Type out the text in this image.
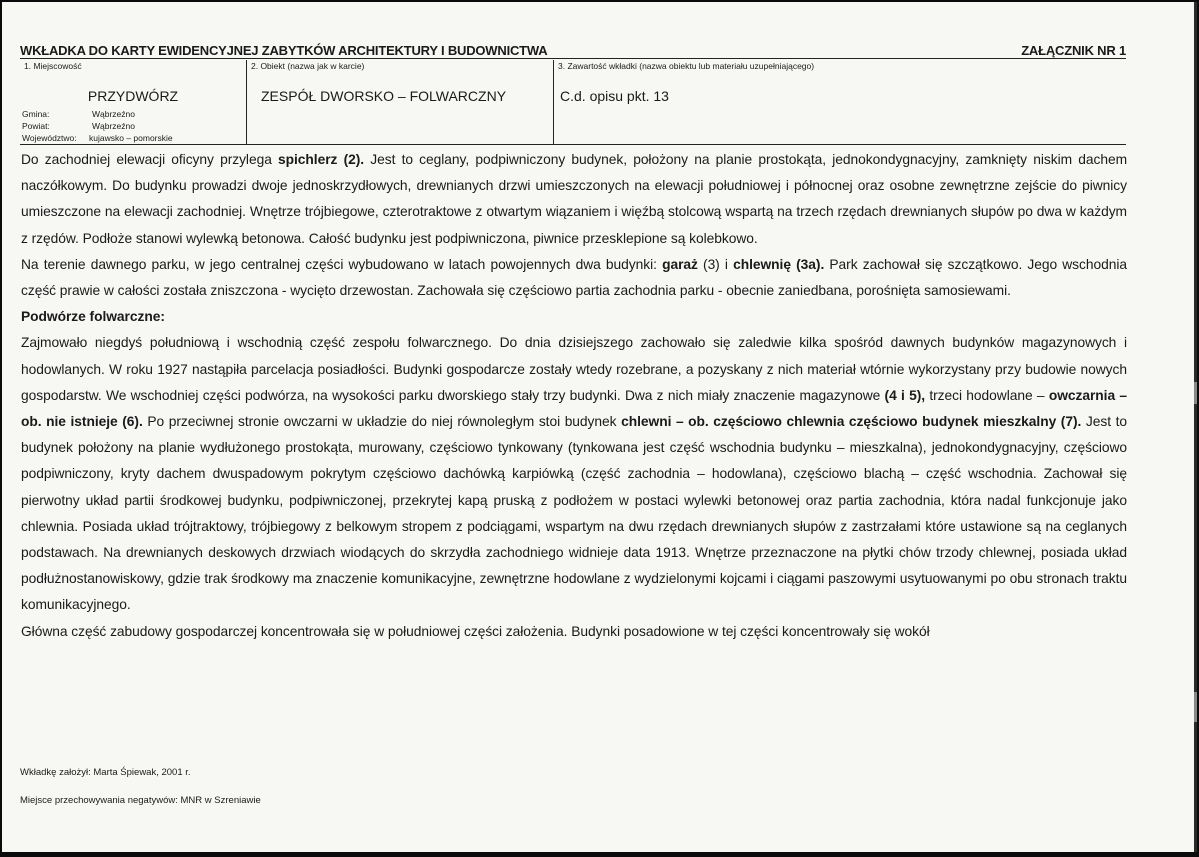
WKŁADKA DO KARTY EWIDENCYJNEJ ZABYTKÓW ARCHITEKTURY I BUDOWNICTWA	ZAŁĄCZNIK NR 1
1. Miejscowość
PRZYDWÓRZ
Gmina:	Wąbrzeźno
Powiat:	Wąbrzeźno
Województwo: kujawsko – pomorskie
2. Obiekt (nazwa jak w karcie)
ZESPÓŁ DWORSKO – FOLWARCZNY
3. Zawartość wkładki (nazwa obiektu lub materiału uzupełniającego)
C.d. opisu pkt. 13

Do zachodniej elewacji oficyny przylega spichlerz (2). Jest to ceglany, podpiwniczony budynek, położony na planie prostokąta, jednokondygnacyjny, zamknięty niskim dachem naczółkowym. Do budynku prowadzi dwoje jednoskrzydłowych, drewnianych drzwi umieszczonych na elewacji południowej i północnej oraz osobne zewnętrzne zejście do piwnicy umieszczone na elewacji zachodniej. Wnętrze trójbiegowe, czterotraktowe z otwartym wiązaniem i więźbą stolcową wspartą na trzech rzędach drewnianych słupów po dwa w każdym z rzędów. Podłoże stanowi wylewką betonowa. Całość budynku jest podpiwniczona, piwnice przesklepione są kolebkowo.

Na terenie dawnego parku, w jego centralnej części wybudowano w latach powojennych dwa budynki: garaż (3) i chlewnię (3a). Park zachował się szczątkowo. Jego wschodnia część prawie w całości została zniszczona - wycięto drzewostan. Zachowała się częściowo partia zachodnia parku - obecnie zaniedbana, porośnięta samosiewami.

Podwórze folwarczne:

Zajmowało niegdyś południową i wschodnią część zespołu folwarcznego. Do dnia dzisiejszego zachowało się zaledwie kilka spośród dawnych budynków magazynowych i hodowlanych. W roku 1927 nastąpiła parcelacja posiadłości. Budynki gospodarcze zostały wtedy rozebrane, a pozyskany z nich materiał wtórnie wykorzystany przy budowie nowych gospodarstw. We wschodniej części podwórza, na wysokości parku dworskiego stały trzy budynki. Dwa z nich miały znaczenie magazynowe (4 i 5), trzeci hodowlane – owczarnia – ob. nie istnieje (6). Po przeciwnej stronie owczarni w układzie do niej równoległym stoi budynek chlewni – ob. częściowo chlewnia częściowo budynek mieszkalny (7). Jest to budynek położony na planie wydłużonego prostokąta, murowany, częściowo tynkowany (tynkowana jest część wschodnia budynku – mieszkalna), jednokondygnacyjny, częściowo podpiwniczony, kryty dachem dwuspadowym pokrytym częściowo dachówką karpiówką (część zachodnia – hodowlana), częściowo blachą – część wschodnia. Zachował się pierwotny układ partii środkowej budynku, podpiwniczonej, przekrytej kapą pruską z podłożem w postaci wylewki betonowej oraz partia zachodnia, która nadal funkcjonuje jako chlewnia. Posiada układ trójtraktowy, trójbiegowy z belkowym stropem z podciągami, wspartym na dwu rzędach drewnianych słupów z zastrzałami które ustawione są na ceglanych podstawach. Na drewnianych deskowych drzwiach wiodących do skrzydła zachodniego widnieje data 1913. Wnętrze przeznaczone na płytki chów trzody chlewnej, posiada układ podłużnostanowiskowy, gdzie trak środkowy ma znaczenie komunikacyjne, zewnętrzne hodowlane z wydzielonymi kojcami i ciągami paszowymi usytuowanymi po obu stronach traktu komunikacyjnego.

Główna część zabudowy gospodarczej koncentrowała się w południowej części założenia. Budynki posadowione w tej części koncentrowały się wokół

Wkładkę założył: Marta Śpiewak, 2001 r.
Miejsce przechowywania negatywów: MNR w Szreniawie
